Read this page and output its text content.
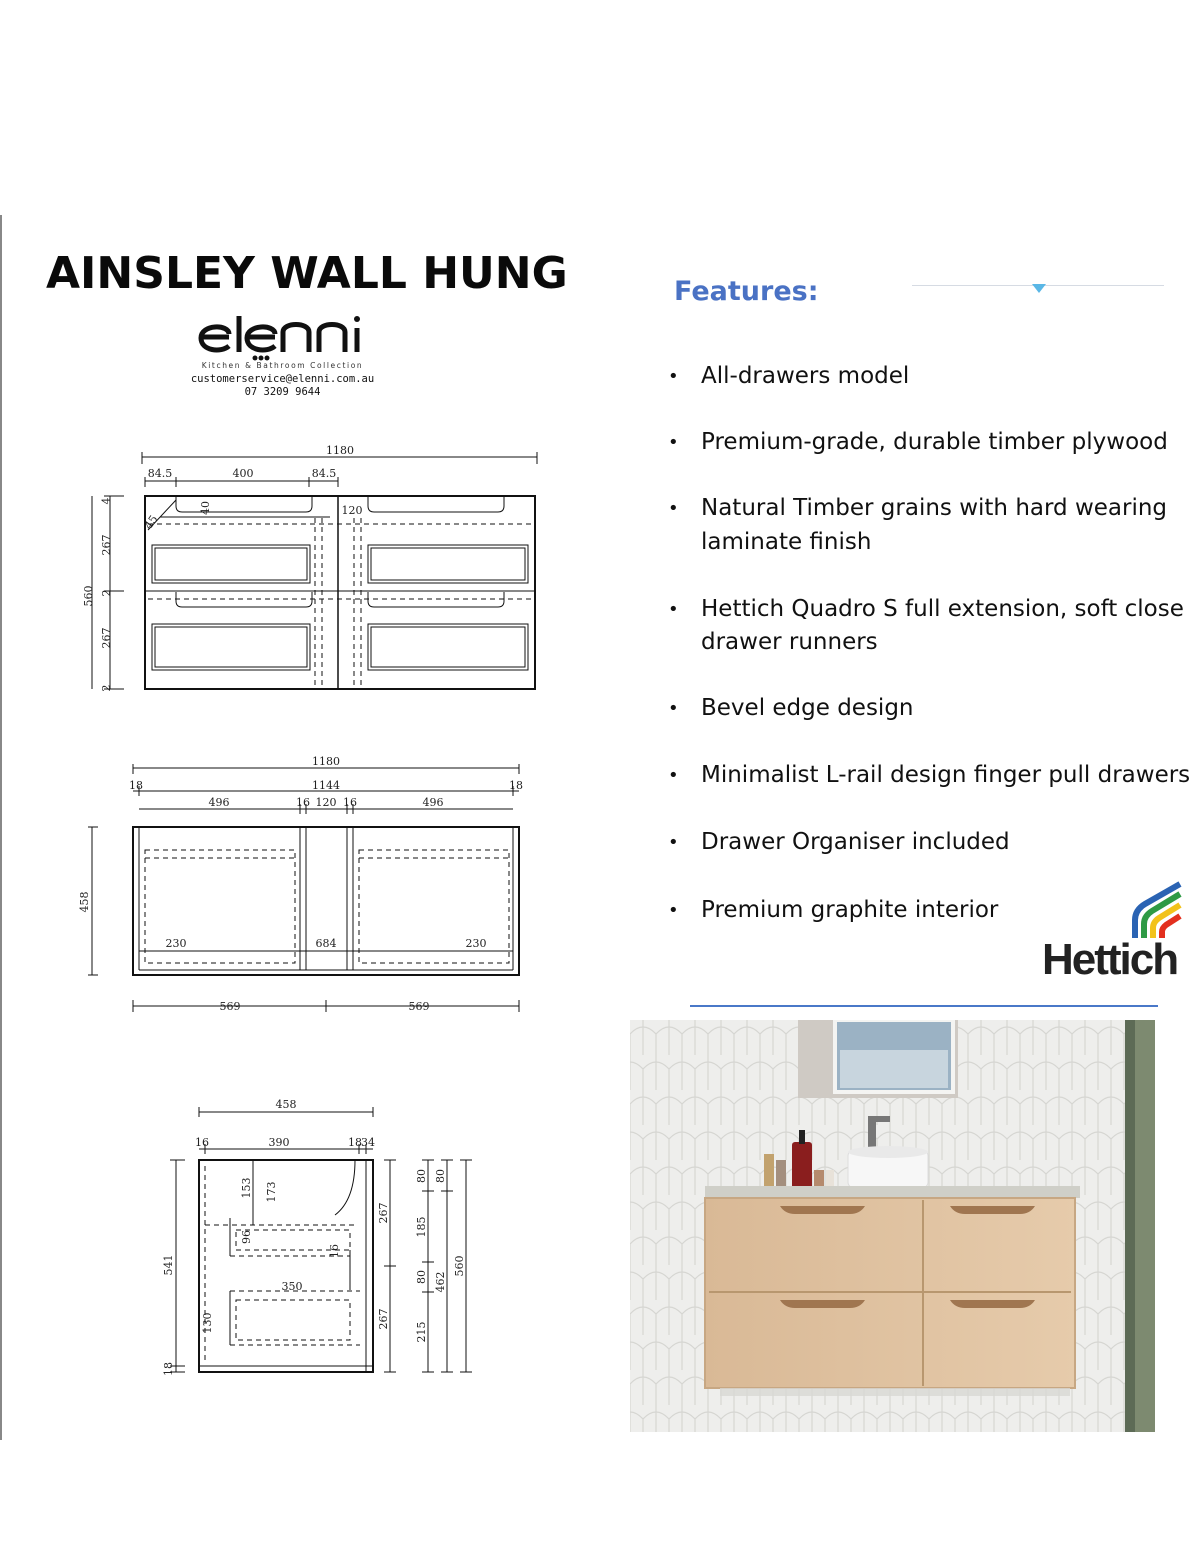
AINSLEY WALL HUNG
Kitchen & Bathroom Collection
customerservice@elenni.com.au
07 3209 9644
1180
84.5	400	84.5
40
45
120
560
4
267
2
267
2
1180
18	1144	18
496	16 120 16	496
458
230	684	230
569	569
458
16	390	18 34
153 173
96
16
350
130
541
18
267
267
80
185
80
215
80
462
560
Features:
• All-drawers model
• Premium-grade, durable timber plywood
• Natural Timber grains with hard wearing
laminate finish
• Hettich Quadro S full extension, soft close
drawer runners
• Bevel edge design
• Minimalist L-rail design finger pull drawers
• Drawer Organiser included
• Premium graphite interior
Hettich
